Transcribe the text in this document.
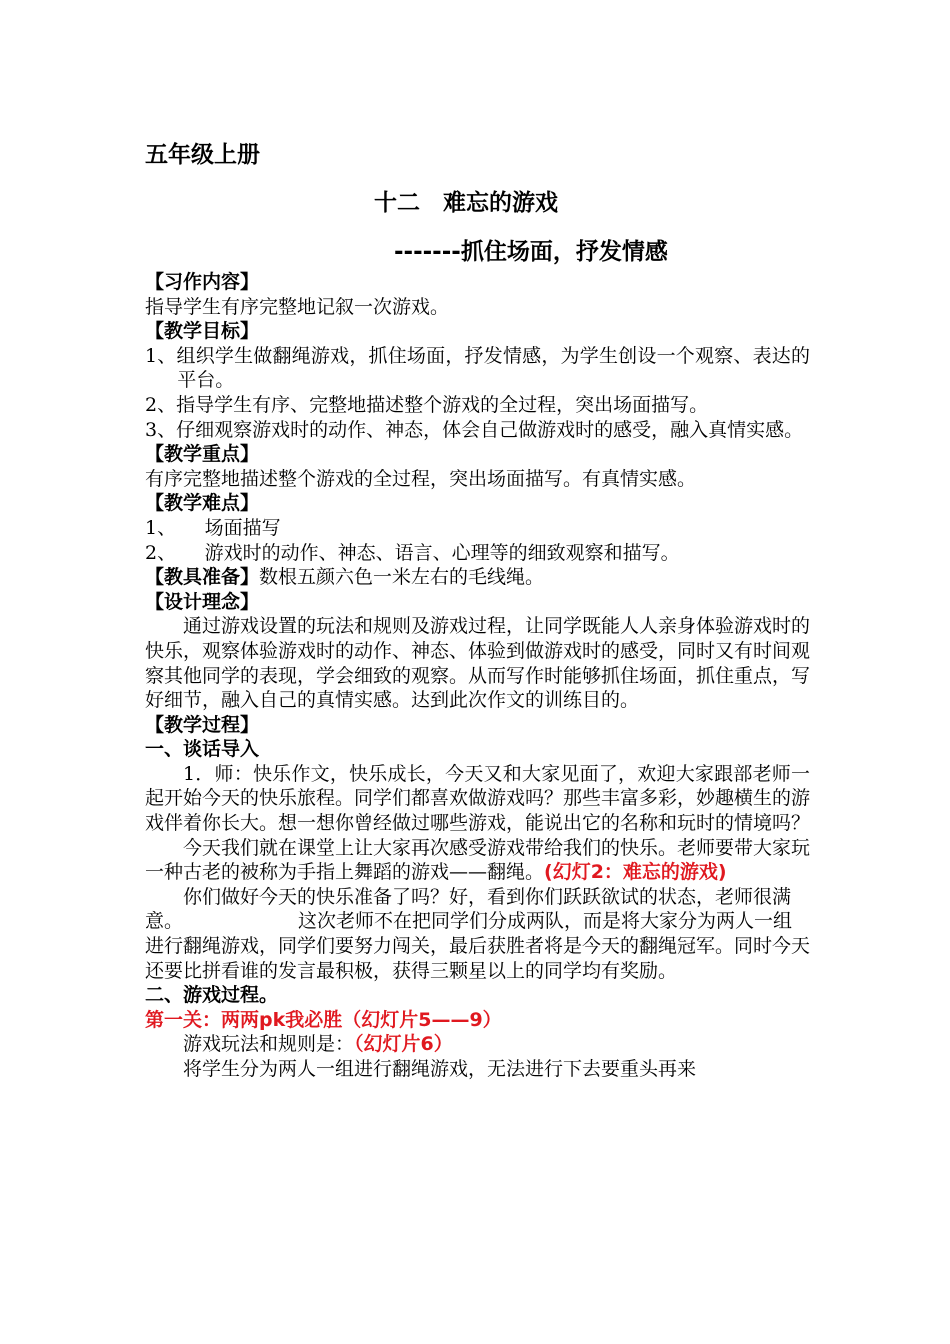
五年级上册
十二　难忘的游戏
-------抓住场面，抒发情感

【习作内容】

指导学生有序完整地记叙一次游戏。

【教学目标】

1、组织学生做翻绳游戏，抓住场面，抒发情感，为学生创设一个观察、表达的平台。

2、指导学生有序、完整地描述整个游戏的全过程，突出场面描写。

3、仔细观察游戏时的动作、神态，体会自己做游戏时的感受，融入真情实感。

【教学重点】

有序完整地描述整个游戏的全过程，突出场面描写。有真情实感。

【教学难点】

1、　　场面描写

2、　　游戏时的动作、神态、语言、心理等的细致观察和描写。

【教具准备】数根五颜六色一米左右的毛线绳。

【设计理念】

通过游戏设置的玩法和规则及游戏过程，让同学既能人人亲身体验游戏时的快乐，观察体验游戏时的动作、神态、体验到做游戏时的感受，同时又有时间观察其他同学的表现，学会细致的观察。从而写作时能够抓住场面，抓住重点，写好细节，融入自己的真情实感。达到此次作文的训练目的。

【教学过程】

一、谈话导入

1．师：快乐作文，快乐成长，今天又和大家见面了，欢迎大家跟部老师一起开始今天的快乐旅程。同学们都喜欢做游戏吗？那些丰富多彩，妙趣横生的游戏伴着你长大。想一想你曾经做过哪些游戏，能说出它的名称和玩时的情境吗？

今天我们就在课堂上让大家再次感受游戏带给我们的快乐。老师要带大家玩一种古老的被称为手指上舞蹈的游戏——翻绳。(幻灯2：难忘的游戏)

你们做好今天的快乐准备了吗？好，看到你们跃跃欲试的状态，老师很满意。	这次老师不在把同学们分成两队，而是将大家分为两人一组进行翻绳游戏，同学们要努力闯关，最后获胜者将是今天的翻绳冠军。同时今天还要比拼看谁的发言最积极，获得三颗星以上的同学均有奖励。

二、游戏过程。

第一关：两两pk我必胜（幻灯片5——9）

游戏玩法和规则是：（幻灯片6）

将学生分为两人一组进行翻绳游戏，无法进行下去要重头再来
